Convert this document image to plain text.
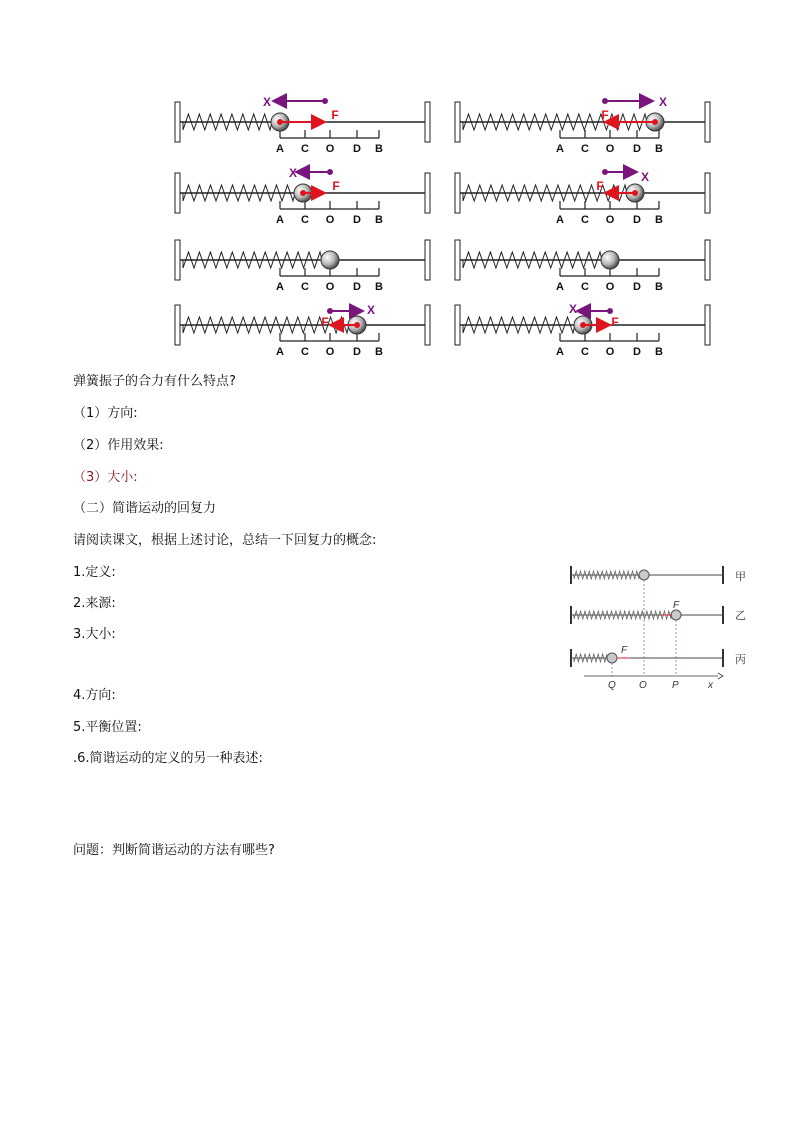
A C O D B
F
X
A C O D B
F
X
A C O D B
F
X
A C O D B
F
X
A C O D B	A C O D B
A C O D B
F
X
A C O D B
F
X
弹簧振子的合力有什么特点?
（1）方向:
（2）作用效果:
（3）大小:
（二）简谐运动的回复力
请阅读课文，根据上述讨论，总结一下回复力的概念:
1.定义:
2.来源:
3.大小:
4.方向:
5.平衡位置:
.6.简谐运动的定义的另一种表述:
问题：判断简谐运动的方法有哪些?
甲
乙
丙
F
F
Q O	P	x
